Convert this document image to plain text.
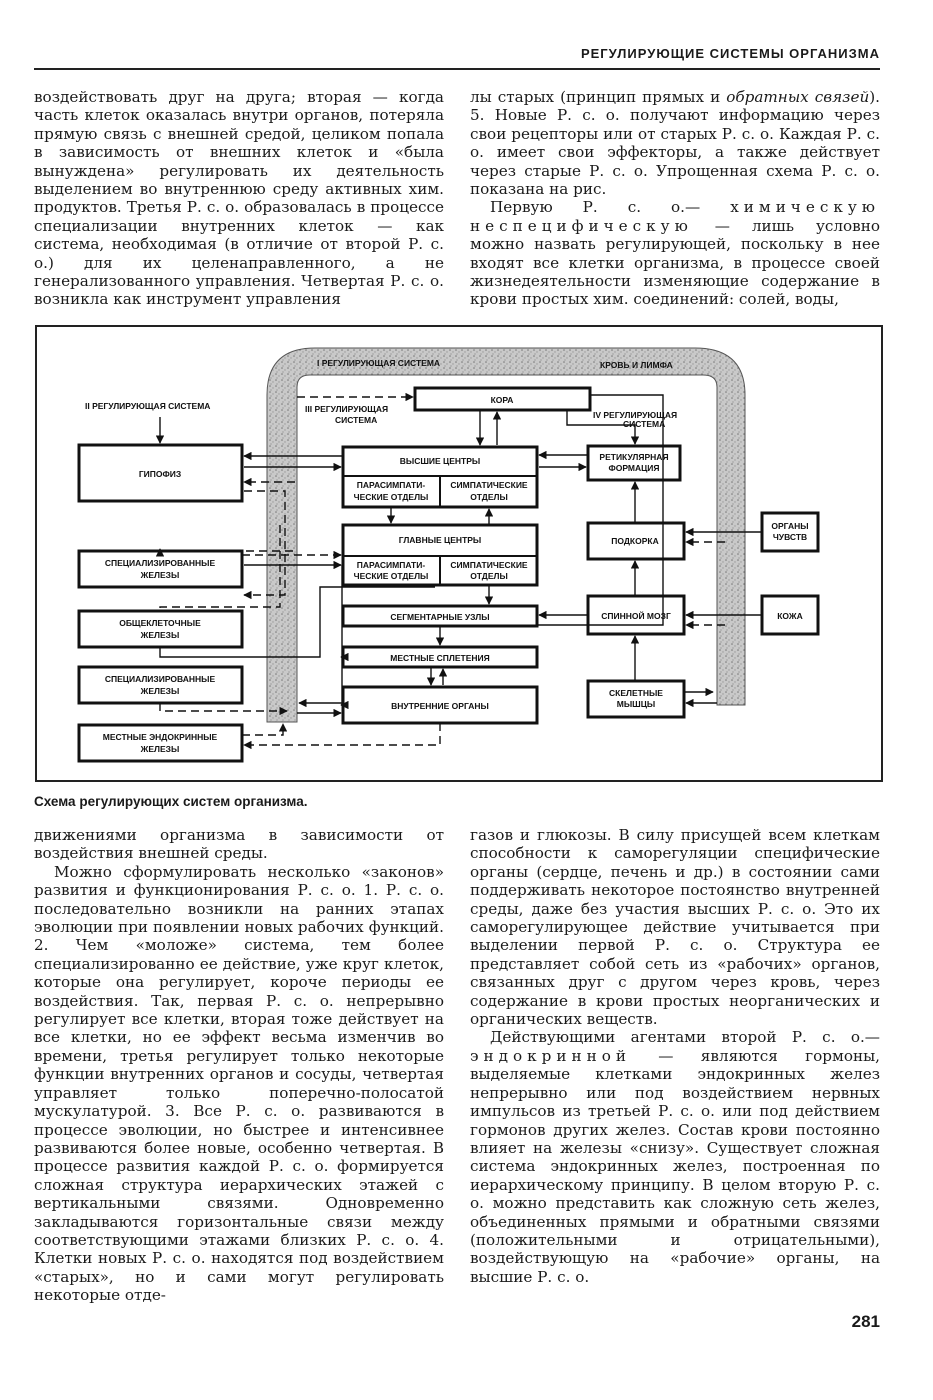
РЕГУЛИРУЮЩИЕ СИСТЕМЫ ОРГАНИЗМА

воздействовать друг на друга; вторая — когда часть клеток оказалась внутри органов, потеряла прямую связь с внешней средой, целиком попала в зависимость от внешних клеток и «была вынуждена» регулировать их деятельность выделением во внутреннюю среду активных хим. продуктов. Третья Р. с. о. образовалась в процессе специализации внутренних клеток — как система, необходимая (в отличие от второй Р. с. о.) для их целенаправленного, а не генерализованного управления. Четвертая Р. с. о. возникла как инструмент управления

лы старых (принцип прямых и обратных связей). 5. Новые Р. с. о. получают информацию через свои рецепторы или от старых Р. с. о. Каждая Р. с. о. имеет свои эффекторы, а также действует через старые Р. с. о. Упрощенная схема Р. с. о. показана на рис.

Первую Р. с. о.— химическую неспецифическую — лишь условно можно назвать регулирующей, поскольку в нее входят все клетки организма, в процессе своей жизнедеятельности изменяющие содержание в крови простых хим. соединений: солей, воды,

I РЕГУЛИРУЮЩАЯ СИСТЕМА	КРОВЬ И ЛИМФА
II РЕГУЛИРУЮЩАЯ СИСТЕМА	III РЕГУЛИРУЮЩАЯ
СИСТЕМА	IV РЕГУЛИРУЮЩАЯ
СИСТЕМА
КОРА
ГИПОФИЗ
ВЫСШИЕ ЦЕНТРЫ
ПАРАСИМПАТИ-
ЧЕСКИЕ ОТДЕЛЫ
СИМПАТИЧЕСКИЕ
ОТДЕЛЫ
РЕТИКУЛЯРНАЯ
ФОРМАЦИЯ
ГЛАВНЫЕ ЦЕНТРЫ
ПАРАСИМПАТИ-
ЧЕСКИЕ ОТДЕЛЫ
СИМПАТИЧЕСКИЕ
ОТДЕЛЫ
ПОДКОРКА
ОРГАНЫ
ЧУВСТВ
СПЕЦИАЛИЗИРОВАННЫЕ
ЖЕЛЕЗЫ
ОБЩЕКЛЕТОЧНЫЕ
ЖЕЛЕЗЫ
СЕГМЕНТАРНЫЕ УЗЛЫ	СПИННОЙ МОЗГ	КОЖА
МЕСТНЫЕ СПЛЕТЕНИЯ
СПЕЦИАЛИЗИРОВАННЫЕ
ЖЕЛЕЗЫ
ВНУТРЕННИЕ ОРГАНЫ
СКЕЛЕТНЫЕ
МЫШЦЫ
МЕСТНЫЕ ЭНДОКРИННЫЕ
ЖЕЛЕЗЫ
Схема регулирующих систем организма.

движениями организма в зависимости от воздействия внешней среды.

Можно сформулировать несколько «законов» развития и функционирования Р. с. о. 1. Р. с. о. последовательно возникли на ранних этапах эволюции при появлении новых рабочих функций. 2. Чем «моложе» система, тем более специализированно ее действие, уже круг клеток, которые она регулирует, короче периоды ее воздействия. Так, первая Р. с. о. непрерывно регулирует все клетки, вторая тоже действует на все клетки, но ее эффект весьма изменчив во времени, третья регулирует только некоторые функции внутренних органов и сосуды, четвертая управляет только поперечно-полосатой мускулатурой. 3. Все Р. с. о. развиваются в процессе эволюции, но быстрее и интенсивнее развиваются более новые, особенно четвертая. В процессе развития каждой Р. с. о. формируется сложная структура иерархических этажей с вертикальными связями. Одновременно закладываются горизонтальные связи между соответствующими этажами близких Р. с. о. 4. Клетки новых Р. с. о. находятся под воздействием «старых», но и сами могут регулировать некоторые отде-

газов и глюкозы. В силу присущей всем клеткам способности к саморегуляции специфические органы (сердце, печень и др.) в состоянии сами поддерживать некоторое постоянство внутренней среды, даже без участия высших Р. с. о. Это их саморегулирующее действие учитывается при выделении первой Р. с. о. Структура ее представляет собой сеть из «рабочих» органов, связанных друг с другом через кровь, через содержание в крови простых неорганических и органических веществ.

Действующими агентами второй Р. с. о.— эндокринной — являются гормоны, выделяемые клетками эндокринных желез непрерывно или под воздействием нервных импульсов из третьей Р. с. о. или под действием гормонов других желез. Состав крови постоянно влияет на железы «снизу». Существует сложная система эндокринных желез, построенная по иерархическому принципу. В целом вторую Р. с. о. можно представить как сложную сеть желез, объединенных прямыми и обратными связями (положительными и отрицательными), воздействующую на «рабочие» органы, на высшие Р. с. о.

281
